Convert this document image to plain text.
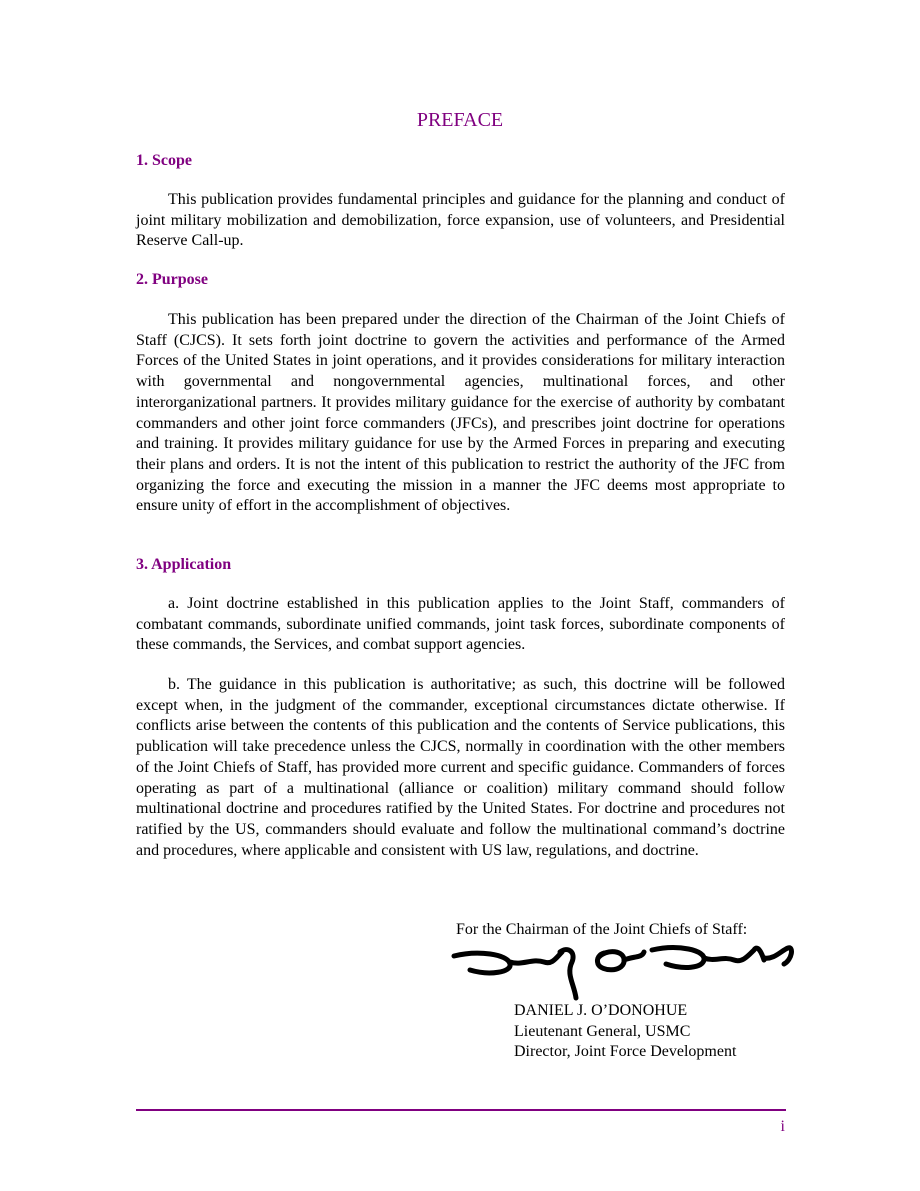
PREFACE
1. Scope

This publication provides fundamental principles and guidance for the planning and conduct of joint military mobilization and demobilization, force expansion, use of volunteers, and Presidential Reserve Call-up.

2. Purpose

This publication has been prepared under the direction of the Chairman of the Joint Chiefs of Staff (CJCS). It sets forth joint doctrine to govern the activities and performance of the Armed Forces of the United States in joint operations, and it provides considerations for military interaction with governmental and nongovernmental agencies, multinational forces, and other interorganizational partners. It provides military guidance for the exercise of authority by combatant commanders and other joint force commanders (JFCs), and prescribes joint doctrine for operations and training. It provides military guidance for use by the Armed Forces in preparing and executing their plans and orders. It is not the intent of this publication to restrict the authority of the JFC from organizing the force and executing the mission in a manner the JFC deems most appropriate to ensure unity of effort in the accomplishment of objectives.

3. Application

a. Joint doctrine established in this publication applies to the Joint Staff, commanders of combatant commands, subordinate unified commands, joint task forces, subordinate components of these commands, the Services, and combat support agencies.

b. The guidance in this publication is authoritative; as such, this doctrine will be followed except when, in the judgment of the commander, exceptional circumstances dictate otherwise. If conflicts arise between the contents of this publication and the contents of Service publications, this publication will take precedence unless the CJCS, normally in coordination with the other members of the Joint Chiefs of Staff, has provided more current and specific guidance. Commanders of forces operating as part of a multinational (alliance or coalition) military command should follow multinational doctrine and procedures ratified by the United States. For doctrine and procedures not ratified by the US, commanders should evaluate and follow the multinational command’s doctrine and procedures, where applicable and consistent with US law, regulations, and doctrine.

For the Chairman of the Joint Chiefs of Staff:
DANIEL J. O’DONOHUE
Lieutenant General, USMC
Director, Joint Force Development
i
